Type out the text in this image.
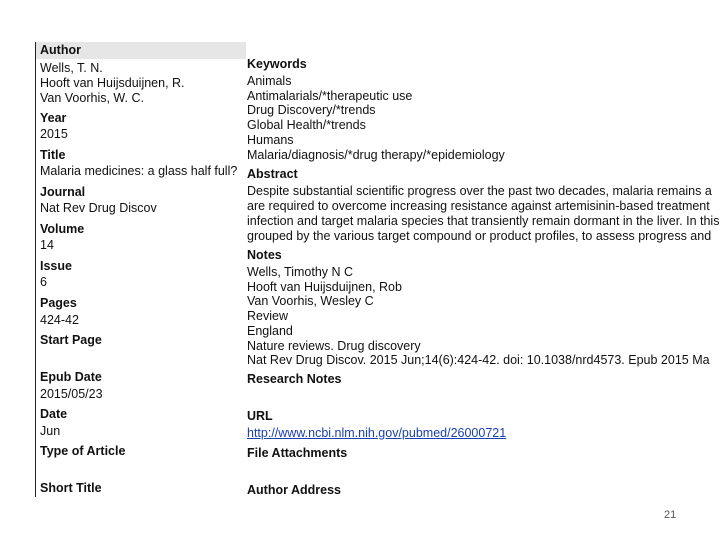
Author
Wells, T. N.
Hooft van Huijsduijnen, R.
Van Voorhis, W. C.
Year
2015
Title
Malaria medicines: a glass half full?
Journal
Nat Rev Drug Discov
Volume
14
Issue
6
Pages
424-42
Start Page
Epub Date
2015/05/23
Date
Jun
Type of Article
Short Title
Keywords
Animals
Antimalarials/*therapeutic use
Drug Discovery/*trends
Global Health/*trends
Humans
Malaria/diagnosis/*drug therapy/*epidemiology
Abstract
Despite substantial scientific progress over the past two decades, malaria remains a
are required to overcome increasing resistance against artemisinin-based treatment
infection and target malaria species that transiently remain dormant in the liver. In this
grouped by the various target compound or product profiles, to assess progress and
Notes
Wells, Timothy N C
Hooft van Huijsduijnen, Rob
Van Voorhis, Wesley C
Review
England
Nature reviews. Drug discovery
Nat Rev Drug Discov. 2015 Jun;14(6):424-42. doi: 10.1038/nrd4573. Epub 2015 Ma
Research Notes
URL
http://www.ncbi.nlm.nih.gov/pubmed/26000721
File Attachments
Author Address
21
